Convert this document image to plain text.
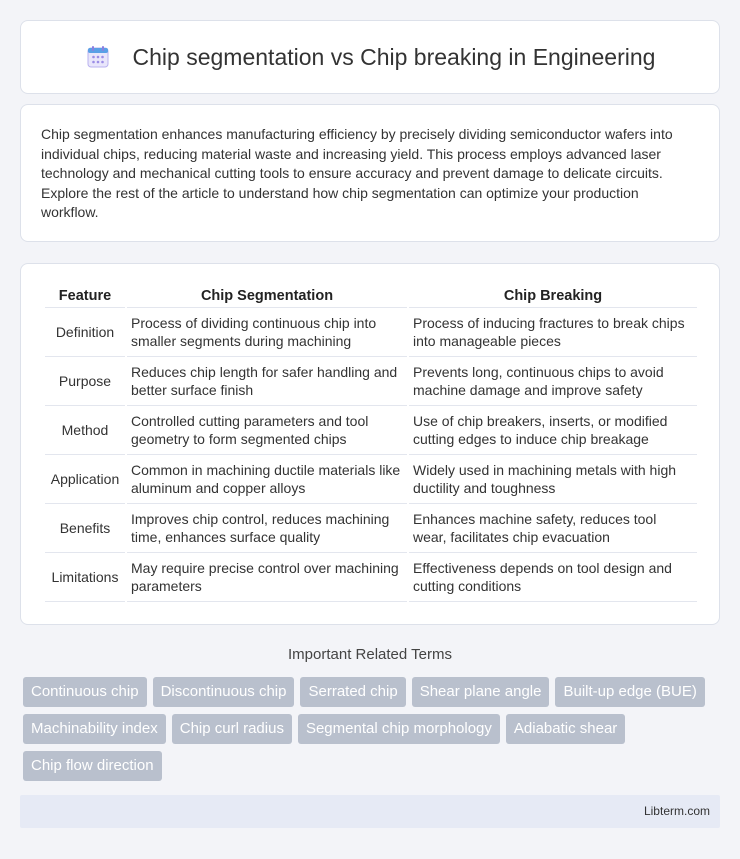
Chip segmentation vs Chip breaking in Engineering

Chip segmentation enhances manufacturing efficiency by precisely dividing semiconductor wafers into individual chips, reducing material waste and increasing yield. This process employs advanced laser technology and mechanical cutting tools to ensure accuracy and prevent damage to delicate circuits. Explore the rest of the article to understand how chip segmentation can optimize your production workflow.

Feature	Chip Segmentation	Chip Breaking
Definition	Process of dividing continuous chip into smaller segments during machining	Process of inducing fractures to break chips into manageable pieces
Purpose	Reduces chip length for safer handling and better surface finish	Prevents long, continuous chips to avoid machine damage and improve safety
Method	Controlled cutting parameters and tool geometry to form segmented chips	Use of chip breakers, inserts, or modified cutting edges to induce chip breakage
Application	Common in machining ductile materials like aluminum and copper alloys	Widely used in machining metals with high ductility and toughness
Benefits	Improves chip control, reduces machining time, enhances surface quality	Enhances machine safety, reduces tool wear, facilitates chip evacuation
Limitations	May require precise control over machining parameters	Effectiveness depends on tool design and cutting conditions
Important Related Terms
Continuous chip	Discontinuous chip	Serrated chip	Shear plane angle	Built-up edge (BUE)
Machinability index	Chip curl radius	Segmental chip morphology	Adiabatic shear
Chip flow direction
Libterm.com
